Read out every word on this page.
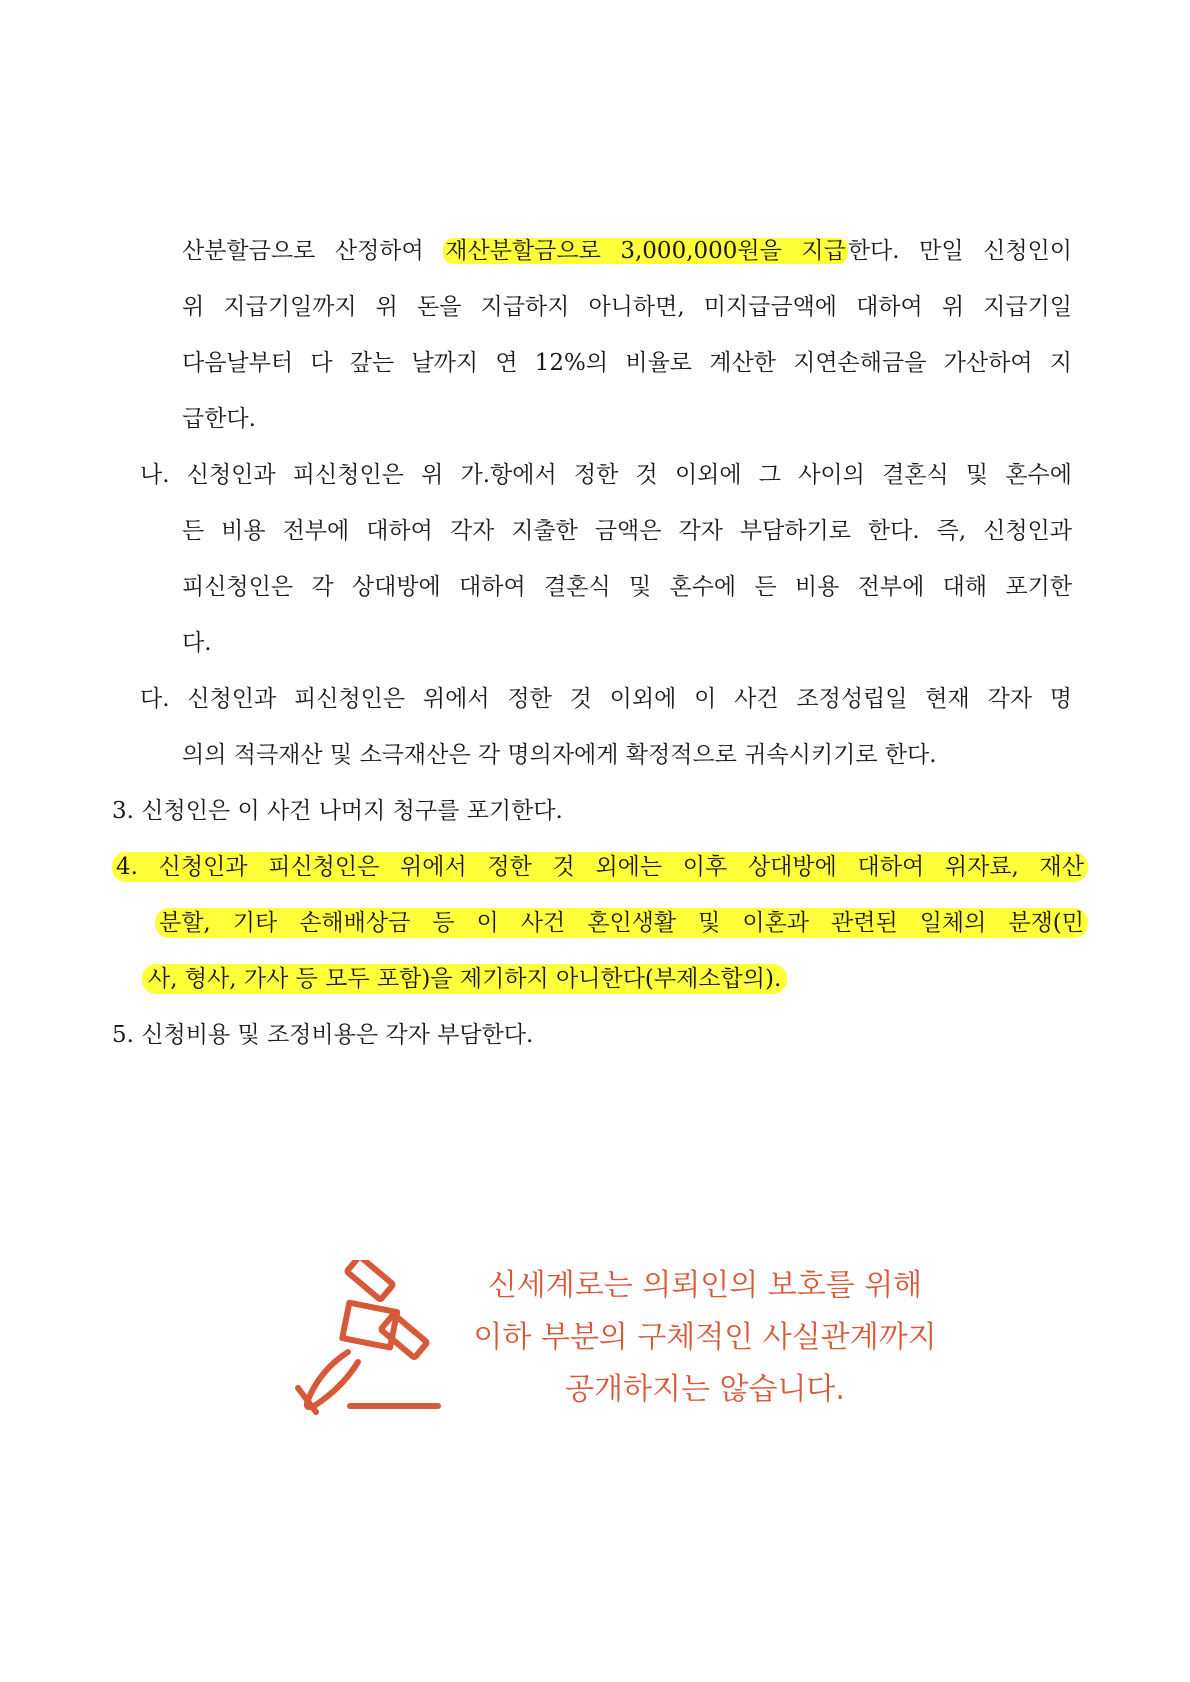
산분할금으로 산정하여 재산분할금으로 3,000,000원을 지급한다. 만일 신청인이
위 지급기일까지 위 돈을 지급하지 아니하면, 미지급금액에 대하여 위 지급기일
다음날부터 다 갚는 날까지 연 12%의 비율로 계산한 지연손해금을 가산하여 지
급한다.
나. 신청인과 피신청인은 위 가.항에서 정한 것 이외에 그 사이의 결혼식 및 혼수에
든 비용 전부에 대하여 각자 지출한 금액은 각자 부담하기로 한다. 즉, 신청인과
피신청인은 각 상대방에 대하여 결혼식 및 혼수에 든 비용 전부에 대해 포기한
다.
다. 신청인과 피신청인은 위에서 정한 것 이외에 이 사건 조정성립일 현재 각자 명
의의 적극재산 및 소극재산은 각 명의자에게 확정적으로 귀속시키기로 한다.
3. 신청인은 이 사건 나머지 청구를 포기한다.
4. 신청인과 피신청인은 위에서 정한 것 외에는 이후 상대방에 대하여 위자료, 재산
분할, 기타 손해배상금 등 이 사건 혼인생활 및 이혼과 관련된 일체의 분쟁(민
사, 형사, 가사 등 모두 포함)을 제기하지 아니한다(부제소합의).
5. 신청비용 및 조정비용은 각자 부담한다.
신세계로는 의뢰인의 보호를 위해
이하 부분의 구체적인 사실관계까지
공개하지는 않습니다.
